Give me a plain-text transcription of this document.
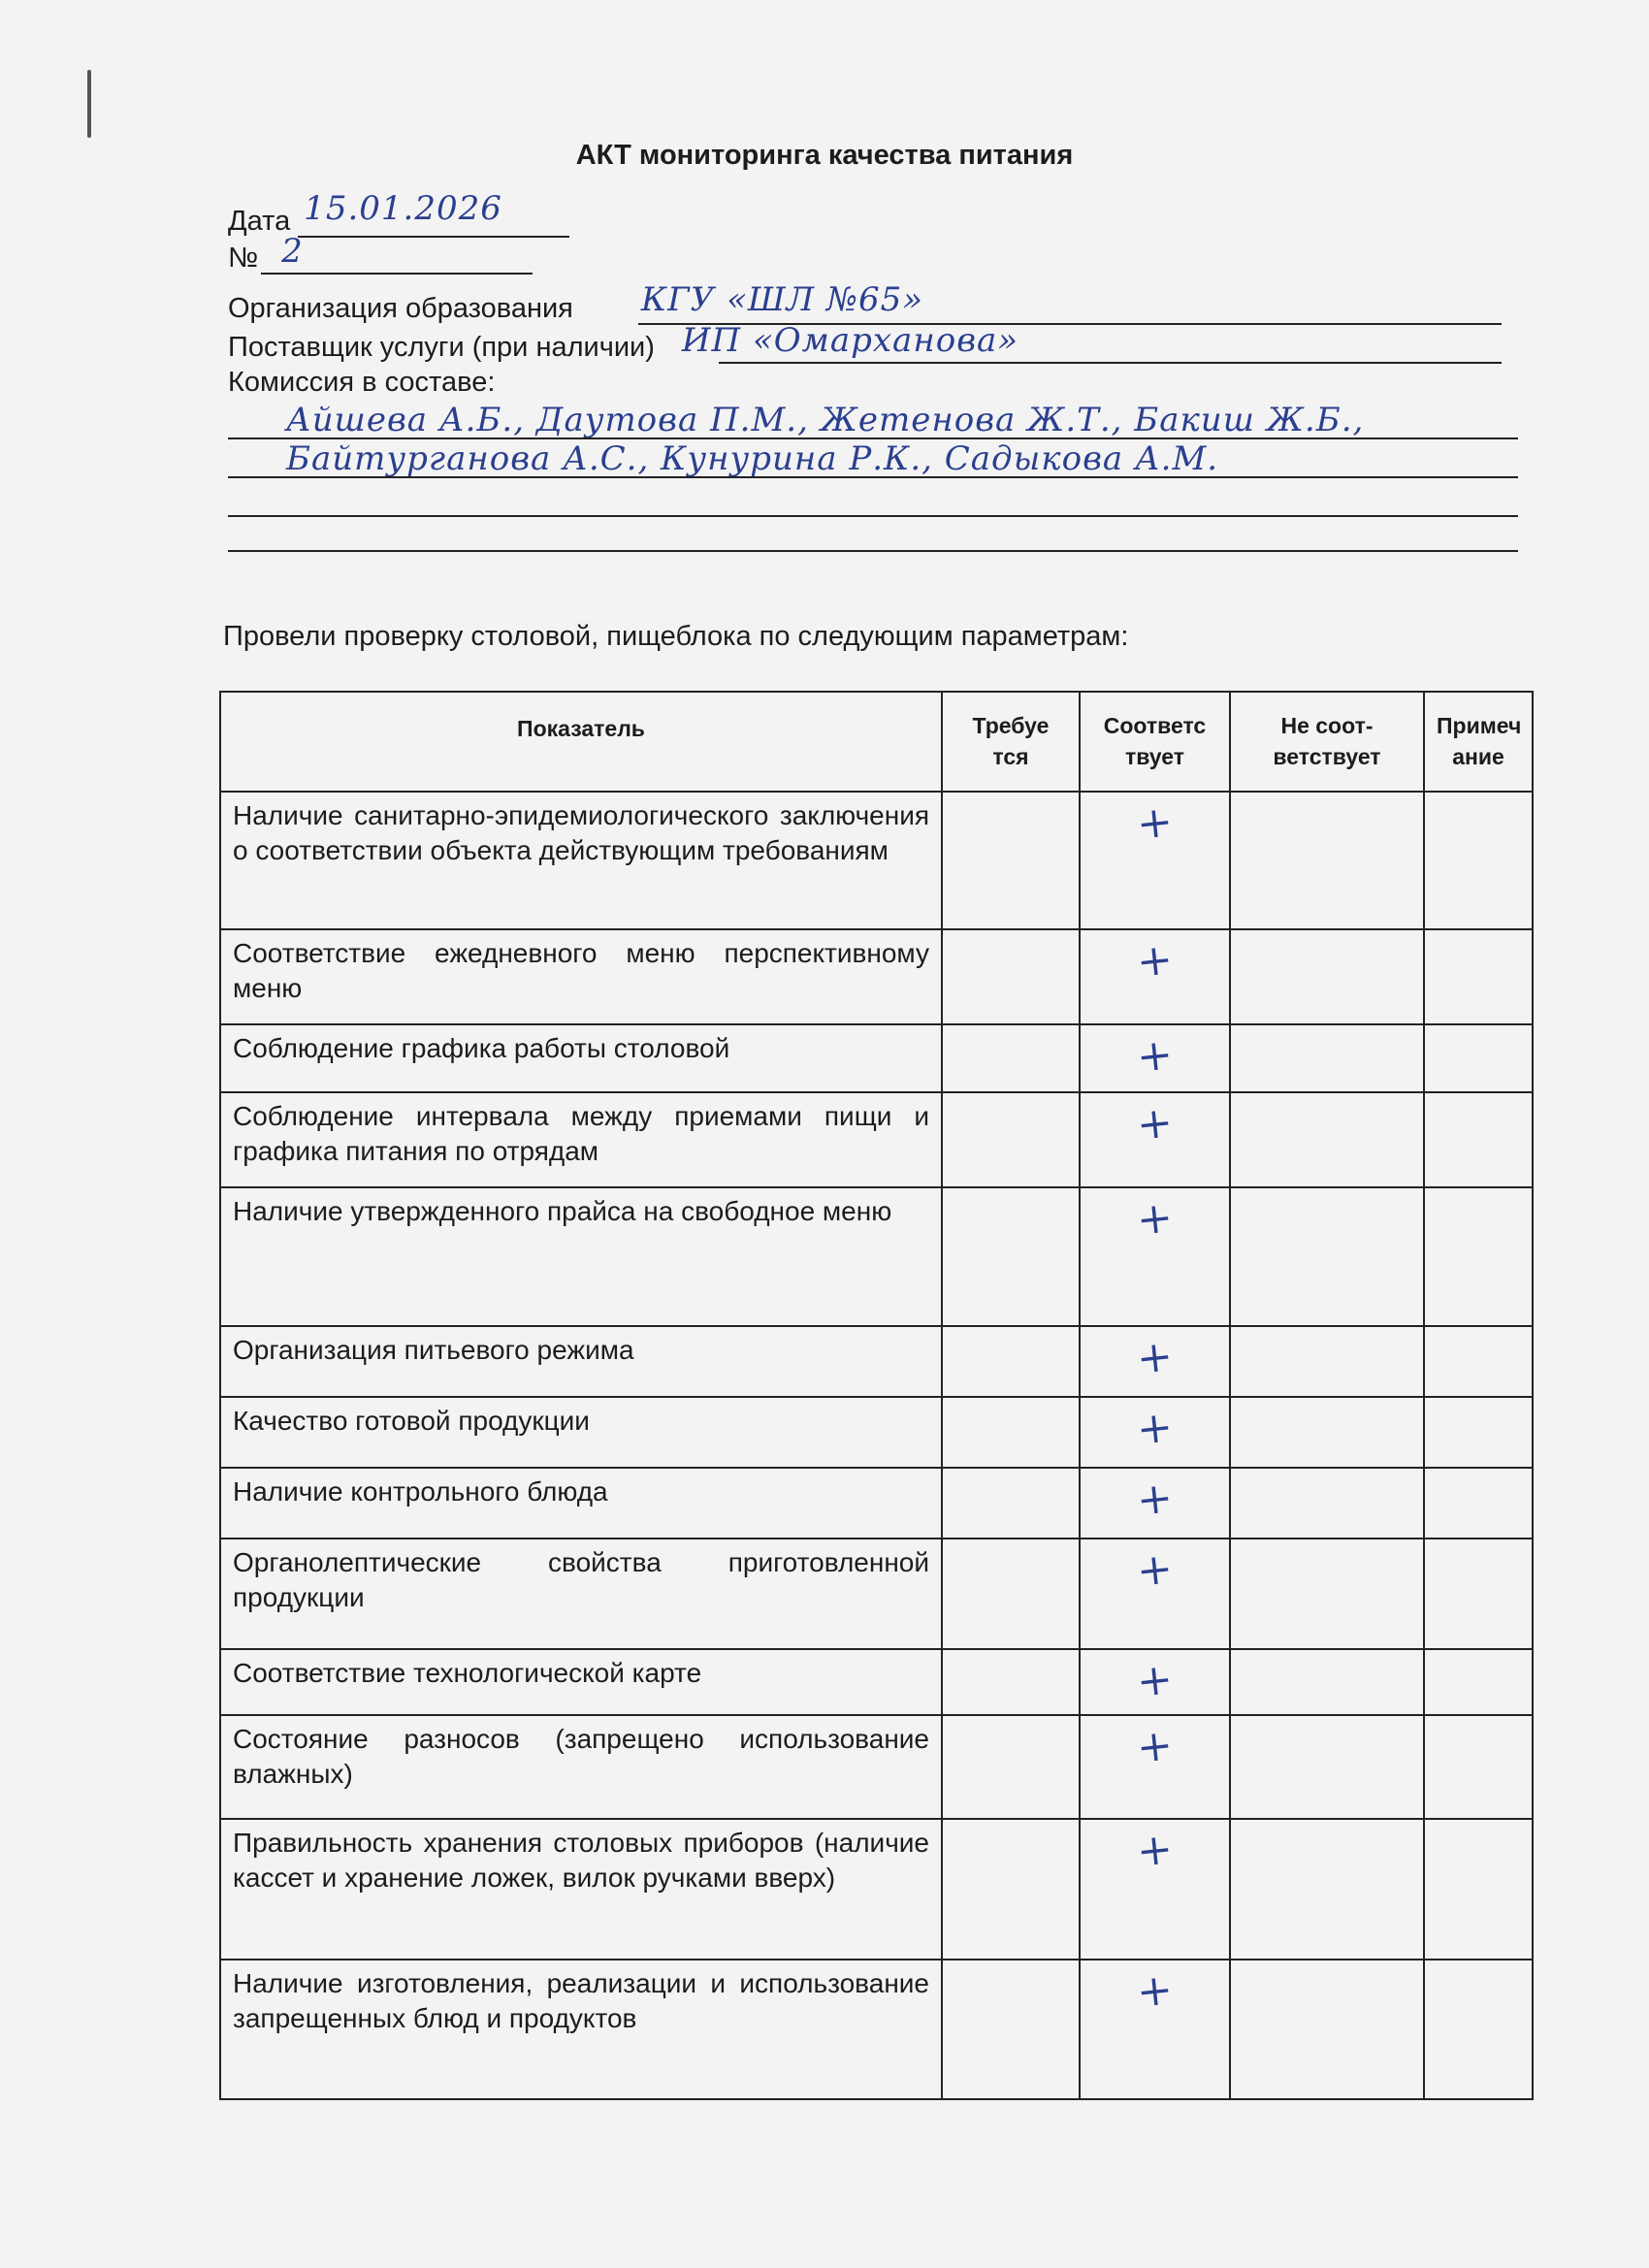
АКТ мониторинга качества питания
Дата 15.01.2026
№ 2
Организация образования КГУ «ШЛ №65»
Поставщик услуги (при наличии) ИП «Омархановa»
Комиссия в составе:
Айшева А.Б., Даутова П.М., Жетенова Ж.Т., Бакиш Ж.Б.,
Байтурганова А.С., Кунурина Р.К., Садыкова А.М.
Провели проверку столовой, пищеблока по следующим параметрам:
Показатель	Требуе тся	Соответс твует	Не соот- ветствует	Примеч ание
Наличие санитарно-эпидемиологического заключения о соответствии объекта действующим требованиям		+		
Соответствие ежедневного меню перспективному меню		+		
Соблюдение графика работы столовой		+		
Соблюдение интервала между приемами пищи и графика питания по отрядам		+		
Наличие утвержденного прайса на свободное меню		+		
Организация питьевого режима		+		
Качество готовой продукции		+		
Наличие контрольного блюда		+		
Органолептические свойства приготовленной продукции		+		
Соответствие технологической карте		+		
Состояние разносов (запрещено использование влажных)		+		
Правильность хранения столовых приборов (наличие кассет и хранение ложек, вилок ручками вверх)		+		
Наличие изготовления, реализации и использование запрещенных блюд и продуктов		+		
